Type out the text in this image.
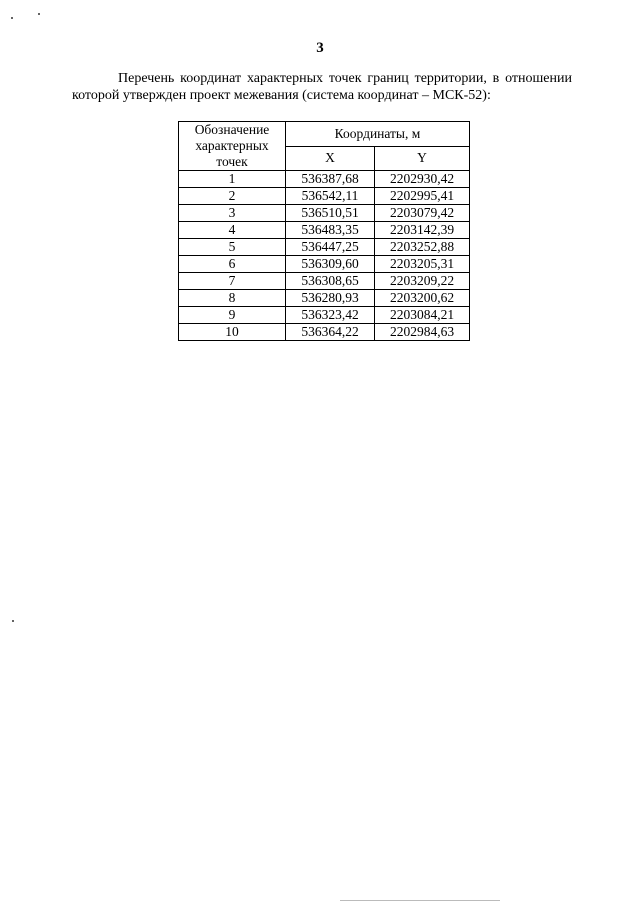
3
Перечень координат характерных точек границ территории, в отношении
которой утвержден проект межевания (система координат – МСК-52):
Обозначение характерных точек	Координаты, м	
	X	Y
1	536387,68	2202930,42
2	536542,11	2202995,41
3	536510,51	2203079,42
4	536483,35	2203142,39
5	536447,25	2203252,88
6	536309,60	2203205,31
7	536308,65	2203209,22
8	536280,93	2203200,62
9	536323,42	2203084,21
10	536364,22	2202984,63
